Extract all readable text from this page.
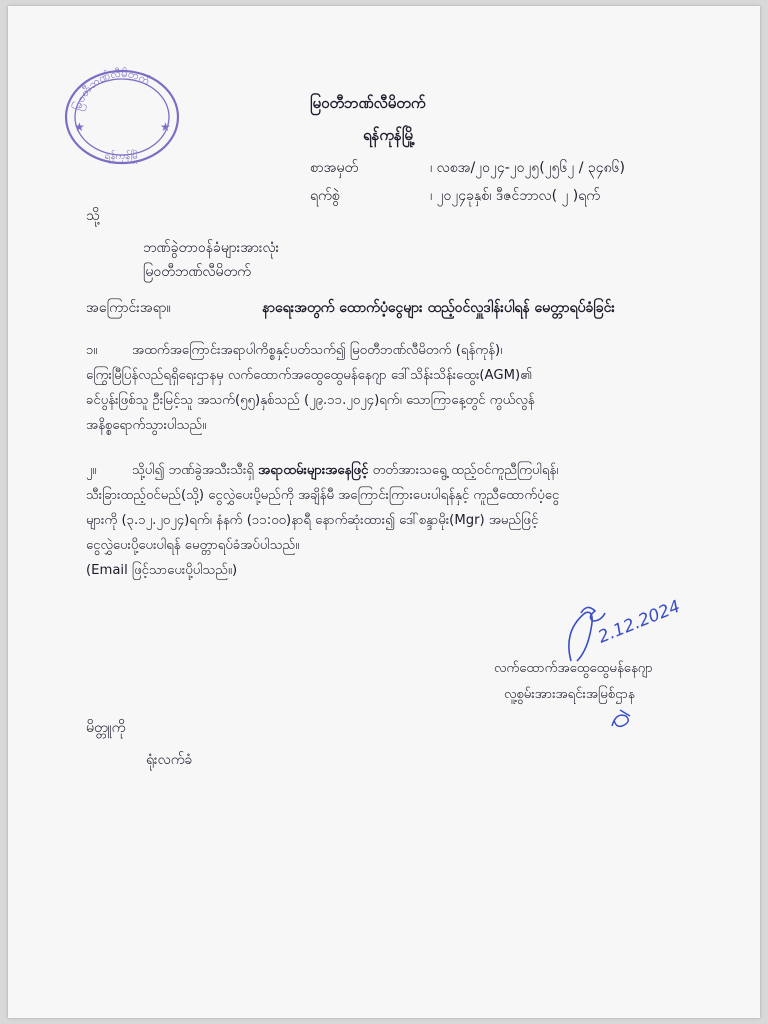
မြဝတီဘဏ်လီမိတက်
★	★
ရန်ကုန်မြို့
မြဝတီဘဏ်လီမိတက်
ရန်ကုန်မြို့
စာအမှတ်	၊ လစအ/၂၀၂၄-၂၀၂၅(၂၅၆၂ / ၃၄၈၆)
ရက်စွဲ	၊ ၂၀၂၄ခုနှစ်၊ ဒီဇင်ဘာလ( ၂ )ရက်
သို့
ဘဏ်ခွဲတာဝန်ခံများအားလုံး
မြဝတီဘဏ်လီမိတက်
အကြောင်းအရာ။	နာရေးအတွက် ထောက်ပံ့ငွေများ ထည့်ဝင်လှူဒါန်းပါရန် မေတ္တာရပ်ခံခြင်း
၁။	အထက်အကြောင်းအရာပါကိစ္စနှင့်ပတ်သက်၍ မြဝတီဘဏ်လီမိတက် (ရန်ကုန်)၊
ကြွေးမြီပြန်လည်ရရှိရေးဌာနမှ လက်ထောက်အထွေထွေမန်နေဂျာ ဒေါ်သိန်းသိန်းထွေး(AGM)၏
ခင်ပွန်းဖြစ်သူ ဦးမြင့်သူ အသက်(၅၅)နှစ်သည် (၂၉.၁၁.၂၀၂၄)ရက်၊ သောကြာနေ့တွင် ကွယ်လွန်
အနိစ္စရောက်သွားပါသည်။
၂။	သို့ပါ၍ ဘဏ်ခွဲအသီးသီးရှိ အရာထမ်းများအနေဖြင့် တတ်အားသရွေ့ ထည့်ဝင်ကူညီကြပါရန်၊
သီးခြားထည့်ဝင်မည်(သို့) ငွေလွှဲပေးပို့မည်ကို အချိန်မီ အကြောင်းကြားပေးပါရန်နှင့် ကူညီထောက်ပံ့ငွေ
များကို (၃.၁၂.၂၀၂၄)ရက်၊ နံနက် (၁၁:၀၀)နာရီ နောက်ဆုံးထား၍ ဒေါ်စန္ဒာမိုး(Mgr) အမည်ဖြင့်
ငွေလွှဲပေးပို့ပေးပါရန် မေတ္တာရပ်ခံအပ်ပါသည်။
(Email ဖြင့်သာပေးပို့ပါသည်။)
2.12.2024
လက်ထောက်အထွေထွေမန်နေဂျာ
လူ့စွမ်းအားအရင်းအမြစ်ဌာန
မိတ္တူကို
ရုံးလက်ခံ
